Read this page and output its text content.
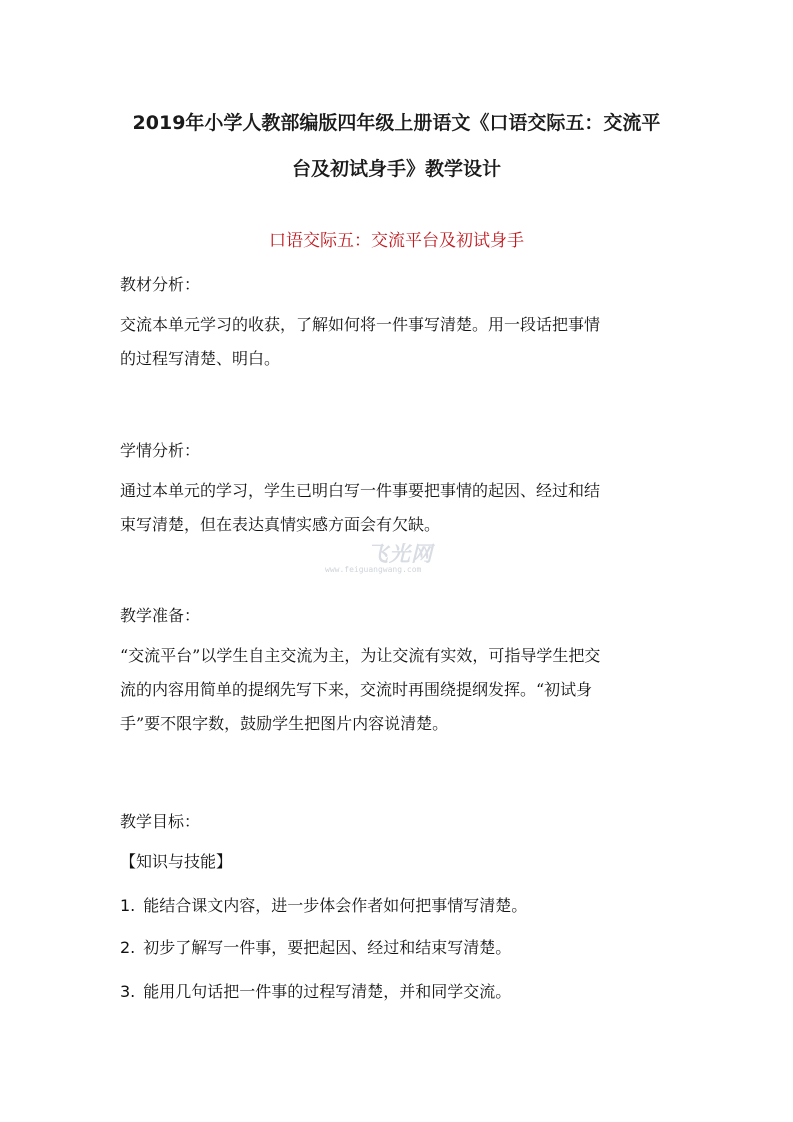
2019年小学人教部编版四年级上册语文《口语交际五：交流平
台及初试身手》教学设计
口语交际五：交流平台及初试身手

教材分析：

交流本单元学习的收获，了解如何将一件事写清楚。用一段话把事情

的过程写清楚、明白。

学情分析：

通过本单元的学习，学生已明白写一件事要把事情的起因、经过和结

束写清楚，但在表达真情实感方面会有欠缺。

教学准备：

“交流平台”以学生自主交流为主，为让交流有实效，可指导学生把交

流的内容用简单的提纲先写下来，交流时再围绕提纲发挥。“初试身

手”要不限字数，鼓励学生把图片内容说清楚。

教学目标：
【知识与技能】
1. 能结合课文内容，进一步体会作者如何把事情写清楚。
2. 初步了解写一件事，要把起因、经过和结束写清楚。
3. 能用几句话把一件事的过程写清楚，并和同学交流。
飞光网
www.feiguangwang.com
